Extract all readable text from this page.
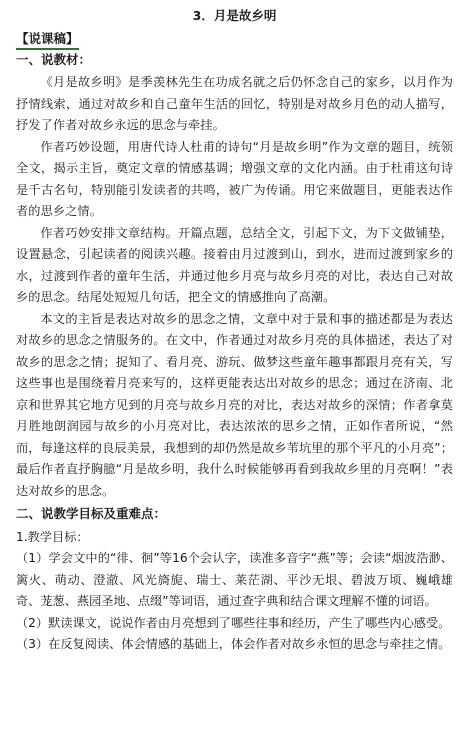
3．月是故乡明
【说课稿】
一、说教材：

《月是故乡明》是季羡林先生在功成名就之后仍怀念自己的家乡，以月作为抒情线索，通过对故乡和自己童年生活的回忆，特别是对故乡月色的动人描写，抒发了作者对故乡永远的思念与牵挂。

作者巧妙设题，用唐代诗人杜甫的诗句“月是故乡明”作为文章的题目，统领全文，揭示主旨，奠定文章的情感基调；增强文章的文化内涵。由于杜甫这句诗是千古名句，特别能引发读者的共鸣，被广为传诵。用它来做题目，更能表达作者的思乡之情。

作者巧妙安排文章结构。开篇点题，总结全文，引起下文，为下文做铺垫，设置悬念，引起读者的阅读兴趣。接着由月过渡到山，到水，进而过渡到家乡的水，过渡到作者的童年生活，并通过他乡月亮与故乡月亮的对比，表达自己对故乡的思念。结尾处短短几句话，把全文的情感推向了高潮。

本文的主旨是表达对故乡的思念之情，文章中对于景和事的描述都是为表达对故乡的思念之情服务的。在文中，作者通过对故乡月亮的具体描述，表达了对故乡的思念之情；捉知了、看月亮、游玩、做梦这些童年趣事都跟月亮有关，写这些事也是围绕着月亮来写的，这样更能表达出对故乡的思念；通过在济南、北京和世界其它地方见到的月亮与故乡月亮的对比，表达对故乡的深情；作者拿莫月胜地朗润园与故乡的小月亮对比，表达浓浓的思乡之情，正如作者所说，“然而，每逢这样的良辰美景，我想到的却仍然是故乡苇坑里的那个平凡的小月亮”；最后作者直抒胸臆“月是故乡明，我什么时候能够再看到我故乡里的月亮啊！”表达对故乡的思念。

二、说教学目标及重难点：
1.教学目标：

（1）学会文中的“徘、徊”等16个会认字，读准多音字“燕”等；会读“烟波浩渺、篱火、萌动、澄澈、风光旖旎、瑞士、莱茫湖、平沙无垠、碧波万顷、巍峨雄奇、茏葱、燕园圣地、点缀”等词语，通过查字典和结合课文理解不懂的词语。

（2）默读课文，说说作者由月亮想到了哪些往事和经历，产生了哪些内心感受。

（3）在反复阅读、体会情感的基础上，体会作者对故乡永恒的思念与牵挂之情。
